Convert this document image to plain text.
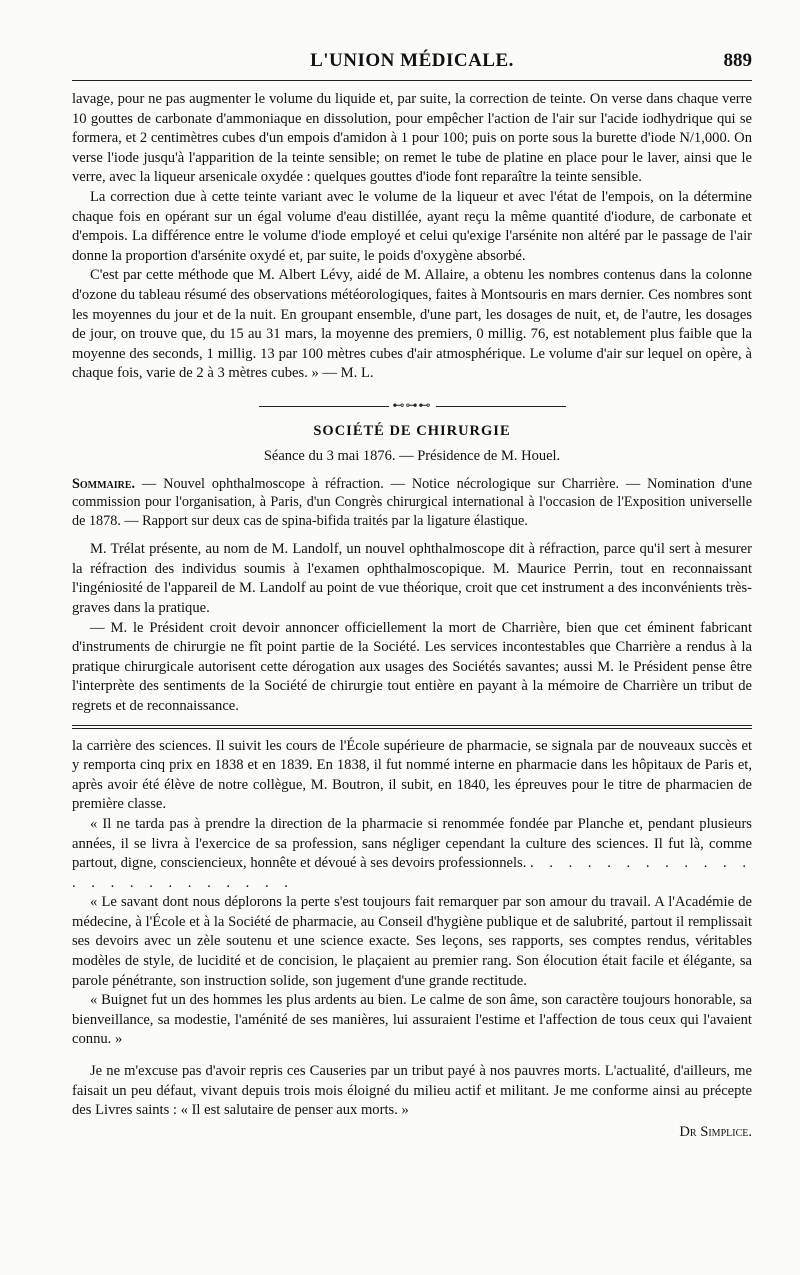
L'UNION MÉDICALE.	889

lavage, pour ne pas augmenter le volume du liquide et, par suite, la correction de teinte. On verse dans chaque verre 10 gouttes de carbonate d'ammoniaque en dissolution, pour empêcher l'action de l'air sur l'acide iodhydrique qui se formera, et 2 centimètres cubes d'un empois d'amidon à 1 pour 100; puis on porte sous la burette d'iode N/1,000. On verse l'iode jusqu'à l'apparition de la teinte sensible; on remet le tube de platine en place pour le laver, ainsi que le verre, avec la liqueur arsenicale oxydée : quelques gouttes d'iode font reparaître la teinte sensible.

La correction due à cette teinte variant avec le volume de la liqueur et avec l'état de l'empois, on la détermine chaque fois en opérant sur un égal volume d'eau distillée, ayant reçu la même quantité d'iodure, de carbonate et d'empois. La différence entre le volume d'iode employé et celui qu'exige l'arsénite non altéré par le passage de l'air donne la proportion d'arsénite oxydé et, par suite, le poids d'oxygène absorbé.

C'est par cette méthode que M. Albert Lévy, aidé de M. Allaire, a obtenu les nombres contenus dans la colonne d'ozone du tableau résumé des observations météorologiques, faites à Montsouris en mars dernier. Ces nombres sont les moyennes du jour et de la nuit. En groupant ensemble, d'une part, les dosages de nuit, et, de l'autre, les dosages de jour, on trouve que, du 15 au 31 mars, la moyenne des premiers, 0 millig. 76, est notablement plus faible que la moyenne des seconds, 1 millig. 13 par 100 mètres cubes d'air atmosphérique. Le volume d'air sur lequel on opère, à chaque fois, varie de 2 à 3 mètres cubes. » — M. L.

⊷⊶⊷
SOCIÉTÉ DE CHIRURGIE
Séance du 3 mai 1876. — Présidence de M. Houel.

Sommaire. — Nouvel ophthalmoscope à réfraction. — Notice nécrologique sur Charrière. — Nomination d'une commission pour l'organisation, à Paris, d'un Congrès chirurgical international à l'occasion de l'Exposition universelle de 1878. — Rapport sur deux cas de spina-bifida traités par la ligature élastique.

M. Trélat présente, au nom de M. Landolf, un nouvel ophthalmoscope dit à réfraction, parce qu'il sert à mesurer la réfraction des individus soumis à l'examen ophthalmoscopique. M. Maurice Perrin, tout en reconnaissant l'ingéniosité de l'appareil de M. Landolf au point de vue théorique, croit que cet instrument a des inconvénients très-graves dans la pratique.

— M. le Président croit devoir annoncer officiellement la mort de Charrière, bien que cet éminent fabricant d'instruments de chirurgie ne fît point partie de la Société. Les services incontestables que Charrière a rendus à la pratique chirurgicale autorisent cette dérogation aux usages des Sociétés savantes; aussi M. le Président pense être l'interprète des sentiments de la Société de chirurgie tout entière en payant à la mémoire de Charrière un tribut de regrets et de reconnaissance.

la carrière des sciences. Il suivit les cours de l'École supérieure de pharmacie, se signala par de nouveaux succès et y remporta cinq prix en 1838 et en 1839. En 1838, il fut nommé interne en pharmacie dans les hôpitaux de Paris et, après avoir été élève de notre collègue, M. Boutron, il subit, en 1840, les épreuves pour le titre de pharmacien de première classe.

« Il ne tarda pas à prendre la direction de la pharmacie si renommée fondée par Planche et, pendant plusieurs années, il se livra à l'exercice de sa profession, sans négliger cependant la culture des sciences. Il fut là, comme partout, digne, consciencieux, honnête et dévoué à ses devoirs professionnels. . . . . . . . . . . . . . . . . . . . . . . . .

« Le savant dont nous déplorons la perte s'est toujours fait remarquer par son amour du travail. A l'Académie de médecine, à l'École et à la Société de pharmacie, au Conseil d'hygiène publique et de salubrité, partout il remplissait ses devoirs avec un zèle soutenu et une science exacte. Ses leçons, ses rapports, ses comptes rendus, véritables modèles de style, de lucidité et de concision, le plaçaient au premier rang. Son élocution était facile et élégante, sa parole pénétrante, son instruction solide, son jugement d'une grande rectitude.

« Buignet fut un des hommes les plus ardents au bien. Le calme de son âme, son caractère toujours honorable, sa bienveillance, sa modestie, l'aménité de ses manières, lui assuraient l'estime et l'affection de tous ceux qui l'avaient connu. »

Je ne m'excuse pas d'avoir repris ces Causeries par un tribut payé à nos pauvres morts. L'actualité, d'ailleurs, me faisait un peu défaut, vivant depuis trois mois éloigné du milieu actif et militant. Je me conforme ainsi au précepte des Livres saints : « Il est salutaire de penser aux morts. »

Dr Simplice.
